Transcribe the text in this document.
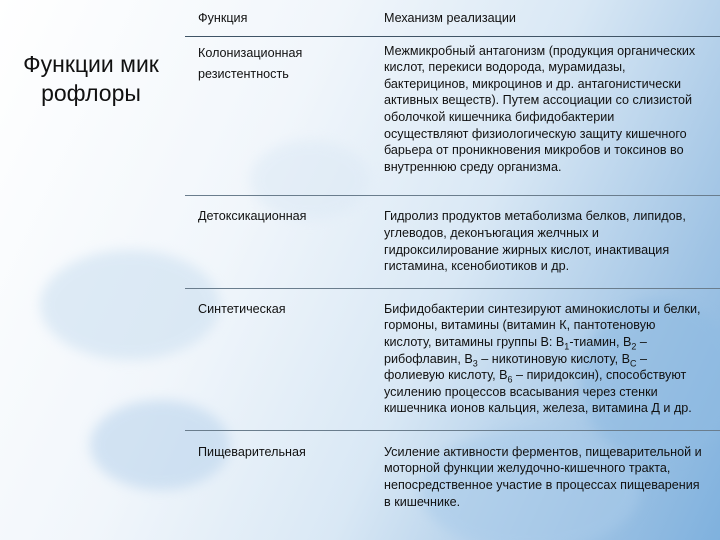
Функции микрофлоры
Функция	Механизм реализации
Колонизационная резистентность	Межмикробный антагонизм (продукция органических кислот, перекиси водорода, мурамидазы, бактерицинов, микроцинов и др. антагонистически активных веществ). Путем ассоциации со слизистой оболочкой кишечника бифидобактерии осуществляют физиологическую защиту кишечного барьера от проникновения микробов и токсинов во внутреннюю среду организма.
Детоксикационная	Гидролиз продуктов метаболизма белков, липидов, углеводов, деконъюгация желчных и гидроксилирование жирных кислот, инактивация гистамина, ксенобиотиков и др.
Синтетическая	Бифидобактерии синтезируют аминокислоты и белки, гормоны, витамины (витамин К, пантотеновую кислоту, витамины группы В: $В_1$-тиамин, $В_2$ – рибофлавин, $В_3$ – никотиновую кислоту, $В_С$ – фолиевую кислоту, $В_6$ – пиридоксин), способствуют усилению процессов всасывания через стенки кишечника ионов кальция, железа, витамина Д и др.
Пищеварительная	Усиление активности ферментов, пищеварительной и моторной функции желудочно-кишечного тракта, непосредственное участие в процессах пищеварения в кишечнике.
